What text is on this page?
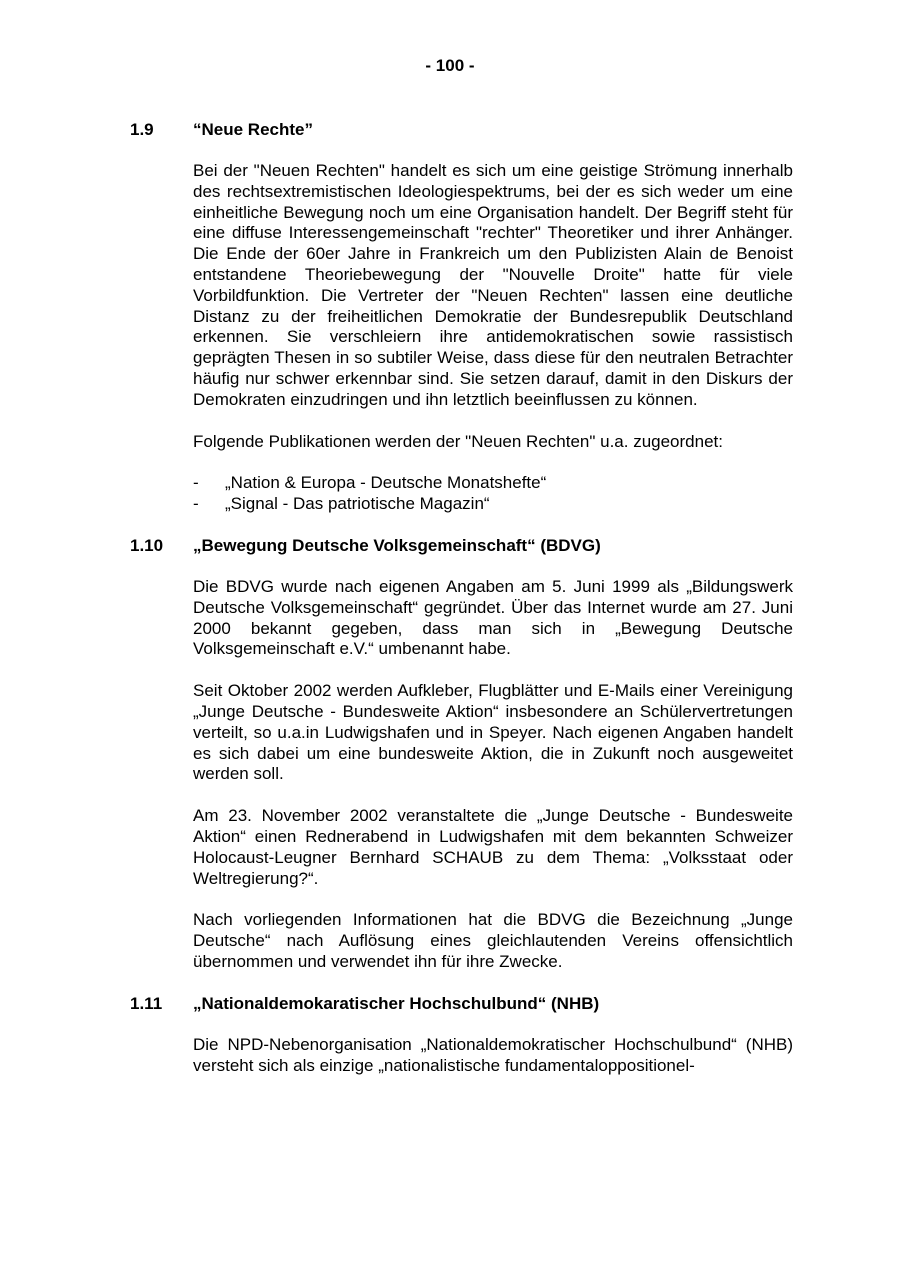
- 100 -
1.9	“Neue Rechte”

Bei der "Neuen Rechten" handelt es sich um eine geistige Strömung innerhalb des rechtsextremistischen Ideologiespektrums, bei der es sich weder um eine einheitliche Bewegung noch um eine Organisation handelt. Der Begriff steht für eine diffuse Interessengemeinschaft "rechter" Theoretiker und ihrer Anhänger. Die Ende der 60er Jahre in Frankreich um den Publizisten Alain de Benoist entstandene Theoriebewegung der "Nouvelle Droite" hatte für viele Vorbildfunktion. Die Vertreter der "Neuen Rechten" lassen eine deutliche Distanz zu der freiheitlichen Demokratie der Bundesrepublik Deutschland erkennen. Sie verschleiern ihre antidemokratischen sowie rassistisch geprägten Thesen in so subtiler Weise, dass diese für den neutralen Betrachter häufig nur schwer erkennbar sind. Sie setzen darauf, damit in den Diskurs der Demokraten einzudringen und ihn letztlich beeinflussen zu können.

Folgende Publikationen werden der "Neuen Rechten" u.a. zugeordnet:

-	„Nation & Europa - Deutsche Monatshefte“
-	„Signal - Das patriotische Magazin“
1.10	„Bewegung Deutsche Volksgemeinschaft“ (BDVG)

Die BDVG wurde nach eigenen Angaben am 5. Juni 1999 als „Bildungswerk Deutsche Volksgemeinschaft“ gegründet. Über das Internet wurde am 27. Juni 2000 bekannt gegeben, dass man sich in „Bewegung Deutsche Volksgemeinschaft e.V.“ umbenannt habe.

Seit Oktober 2002 werden Aufkleber, Flugblätter und E-Mails einer Vereinigung „Junge Deutsche - Bundesweite Aktion“ insbesondere an Schülervertretungen verteilt, so u.a.in Ludwigshafen und in Speyer. Nach eigenen Angaben handelt es sich dabei um eine bundesweite Aktion, die in Zukunft noch ausgeweitet werden soll.

Am 23. November 2002 veranstaltete die „Junge Deutsche - Bundesweite Aktion“ einen Rednerabend in Ludwigshafen mit dem bekannten Schweizer Holocaust-Leugner Bernhard SCHAUB zu dem Thema: „Volksstaat oder Weltregierung?“.

Nach vorliegenden Informationen hat die BDVG die Bezeichnung „Junge Deutsche“ nach Auflösung eines gleichlautenden Vereins offensichtlich übernommen und verwendet ihn für ihre Zwecke.

1.11	„Nationaldemokaratischer Hochschulbund“ (NHB)

Die NPD-Nebenorganisation „Nationaldemokratischer Hochschulbund“ (NHB) versteht sich als einzige „nationalistische fundamentaloppositionel-
